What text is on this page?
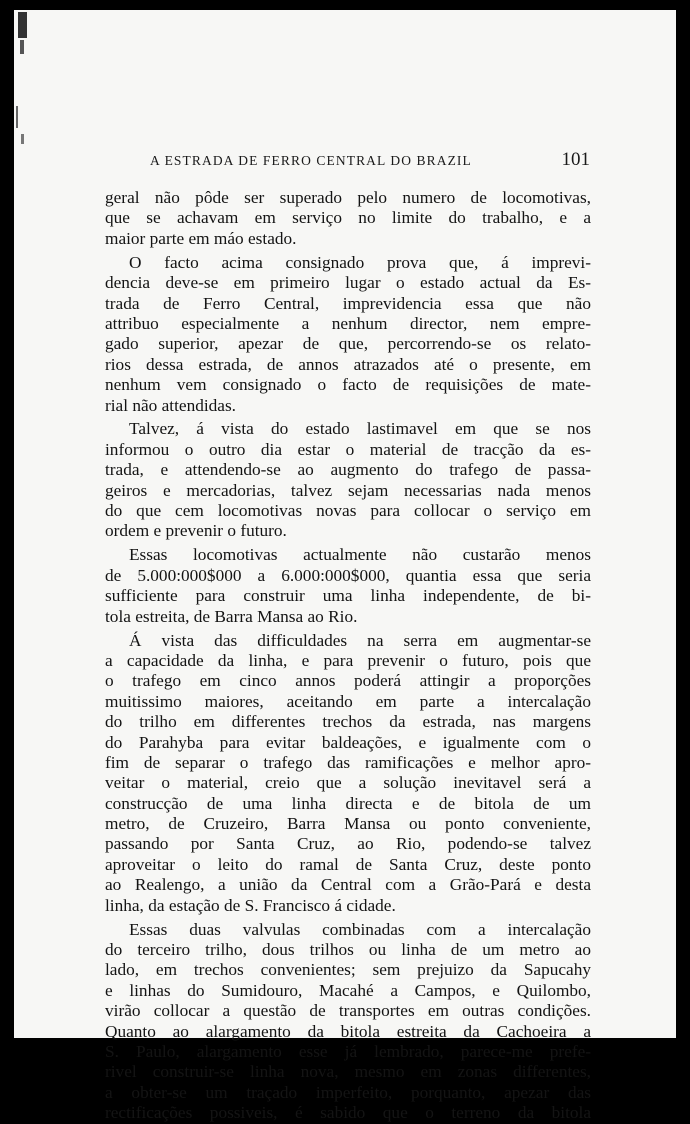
A ESTRADA DE FERRO CENTRAL DO BRAZIL	101
geral não pôde ser superado pelo numero de locomotivas,
que se achavam em serviço no limite do trabalho, e a
maior parte em máo estado.
O facto acima consignado prova que, á imprevi-
dencia deve-se em primeiro lugar o estado actual da Es-
trada de Ferro Central, imprevidencia essa que não
attribuo especialmente a nenhum director, nem empre-
gado superior, apezar de que, percorrendo-se os relato-
rios dessa estrada, de annos atrazados até o presente, em
nenhum vem consignado o facto de requisições de mate-
rial não attendidas.
Talvez, á vista do estado lastimavel em que se nos
informou o outro dia estar o material de tracção da es-
trada, e attendendo-se ao augmento do trafego de passa-
geiros e mercadorias, talvez sejam necessarias nada menos
do que cem locomotivas novas para collocar o serviço em
ordem e prevenir o futuro.
Essas locomotivas actualmente não custarão menos
de 5.000:000$000 a 6.000:000$000, quantia essa que seria
sufficiente para construir uma linha independente, de bi-
tola estreita, de Barra Mansa ao Rio.
Á vista das difficuldades na serra em augmentar-se
a capacidade da linha, e para prevenir o futuro, pois que
o trafego em cinco annos poderá attingir a proporções
muitissimo maiores, aceitando em parte a intercalação
do trilho em differentes trechos da estrada, nas margens
do Parahyba para evitar baldeações, e igualmente com o
fim de separar o trafego das ramificações e melhor apro-
veitar o material, creio que a solução inevitavel será a
construcção de uma linha directa e de bitola de um
metro, de Cruzeiro, Barra Mansa ou ponto conveniente,
passando por Santa Cruz, ao Rio, podendo-se talvez
aproveitar o leito do ramal de Santa Cruz, deste ponto
ao Realengo, a união da Central com a Grão-Pará e desta
linha, da estação de S. Francisco á cidade.
Essas duas valvulas combinadas com a intercalação
do terceiro trilho, dous trilhos ou linha de um metro ao
lado, em trechos convenientes; sem prejuizo da Sapucahy
e linhas do Sumidouro, Macahé a Campos, e Quilombo,
virão collocar a questão de transportes em outras condições.
Quanto ao alargamento da bitola estreita da Cachoeira a
S. Paulo, alargamento esse já lembrado, parece-me prefe-
rivel construir-se linha nova, mesmo em zonas differentes,
a obter-se um traçado imperfeito, porquanto, apezar das
rectificações possiveis, é sabido que o terreno da bitola
